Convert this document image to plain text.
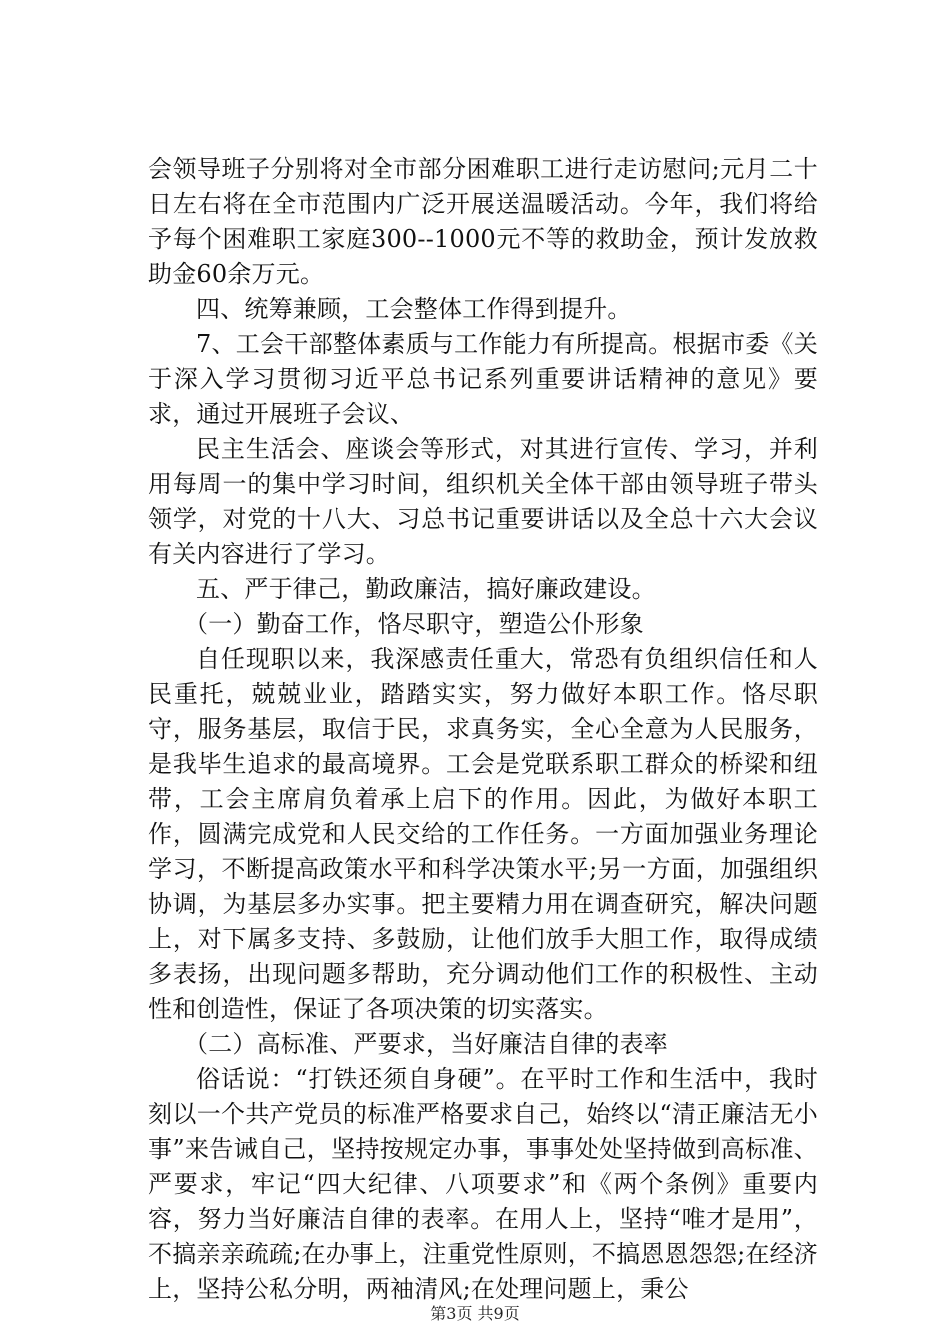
会领导班子分别将对全市部分困难职工进行走访慰问;元月二十日左右将在全市范围内广泛开展送温暖活动。今年，我们将给予每个困难职工家庭300--1000元不等的救助金，预计发放救助金60余万元。

四、统筹兼顾，工会整体工作得到提升。

7、工会干部整体素质与工作能力有所提高。根据市委《关于深入学习贯彻习近平总书记系列重要讲话精神的意见》要求，通过开展班子会议、

民主生活会、座谈会等形式，对其进行宣传、学习，并利用每周一的集中学习时间，组织机关全体干部由领导班子带头领学，对党的十八大、习总书记重要讲话以及全总十六大会议有关内容进行了学习。

五、严于律己，勤政廉洁，搞好廉政建设。

（一）勤奋工作，恪尽职守，塑造公仆形象

自任现职以来，我深感责任重大，常恐有负组织信任和人民重托，兢兢业业，踏踏实实，努力做好本职工作。恪尽职守，服务基层，取信于民，求真务实，全心全意为人民服务，是我毕生追求的最高境界。工会是党联系职工群众的桥梁和纽带，工会主席肩负着承上启下的作用。因此，为做好本职工作，圆满完成党和人民交给的工作任务。一方面加强业务理论学习，不断提高政策水平和科学决策水平;另一方面，加强组织协调，为基层多办实事。把主要精力用在调查研究，解决问题上，对下属多支持、多鼓励，让他们放手大胆工作，取得成绩多表扬，出现问题多帮助，充分调动他们工作的积极性、主动性和创造性，保证了各项决策的切实落实。

（二）高标准、严要求，当好廉洁自律的表率

俗话说：“打铁还须自身硬”。在平时工作和生活中，我时刻以一个共产党员的标准严格要求自己，始终以“清正廉洁无小事”来告诫自己，坚持按规定办事，事事处处坚持做到高标准、严要求，牢记“四大纪律、八项要求”和《两个条例》重要内容，努力当好廉洁自律的表率。在用人上，坚持“唯才是用”，不搞亲亲疏疏;在办事上，注重党性原则，不搞恩恩怨怨;在经济上，坚持公私分明，两袖清风;在处理问题上，秉公

第3页 共9页
